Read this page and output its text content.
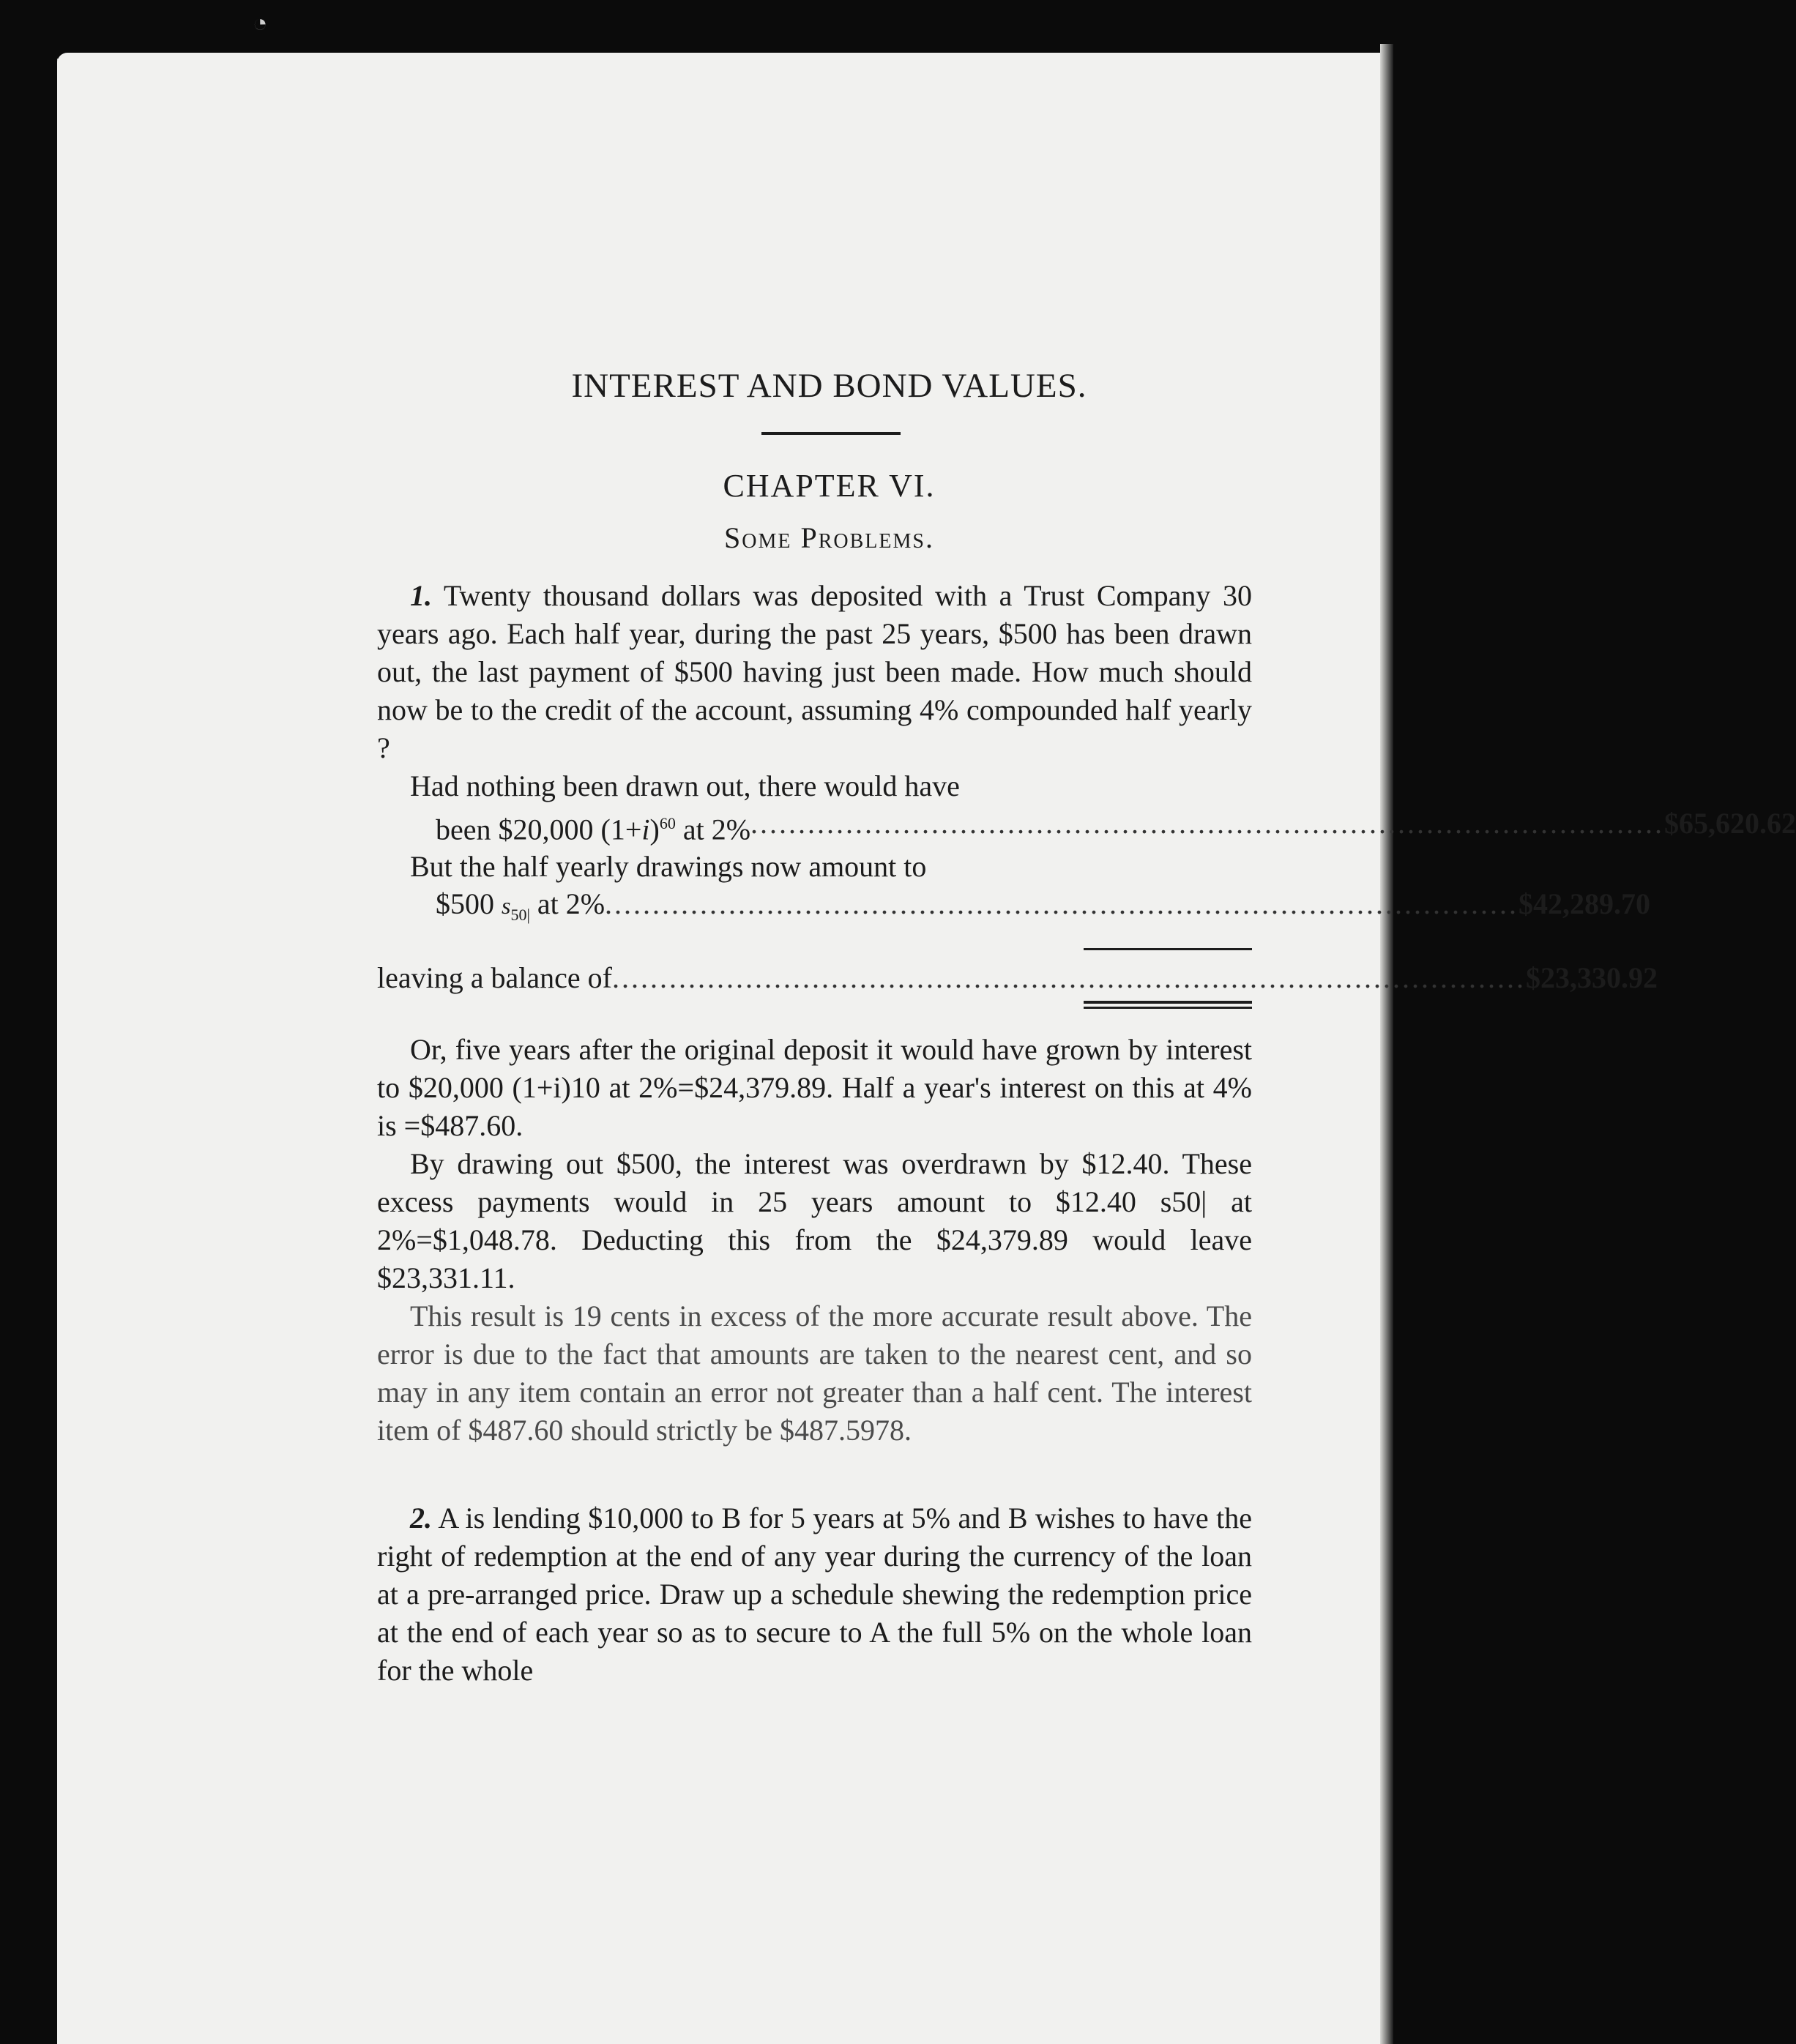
◔
INTEREST AND BOND VALUES.
CHAPTER VI.
Some Problems.

1. Twenty thousand dollars was deposited with a Trust Company 30 years ago. Each half year, during the past 25 years, $500 has been drawn out, the last payment of $500 having just been made. How much should now be to the credit of the account, assuming 4% compounded half yearly ?

Had nothing been drawn out, there would have
been $20,000 $(1+i)^{60}$ at 2% ................................................................................................ $65,620.62
But the half yearly drawings now amount to
$500 $s_{50|}$ at 2% ................................................................................................ $42,289.70
leaving a balance of ................................................................................................ $23,330.92

Or, five years after the original deposit it would have grown by interest to $20,000 (1+i)10 at 2%=$24,379.89. Half a year's interest on this at 4% is =$487.60.

By drawing out $500, the interest was overdrawn by $12.40. These excess payments would in 25 years amount to $12.40 s50| at 2%=$1,048.78. Deducting this from the $24,379.89 would leave $23,331.11.

This result is 19 cents in excess of the more accurate result above. The error is due to the fact that amounts are taken to the nearest cent, and so may in any item contain an error not greater than a half cent. The interest item of $487.60 should strictly be $487.5978.

2. A is lending $10,000 to B for 5 years at 5% and B wishes to have the right of redemption at the end of any year during the currency of the loan at a pre-arranged price. Draw up a schedule shewing the redemption price at the end of each year so as to secure to A the full 5% on the whole loan for the whole
